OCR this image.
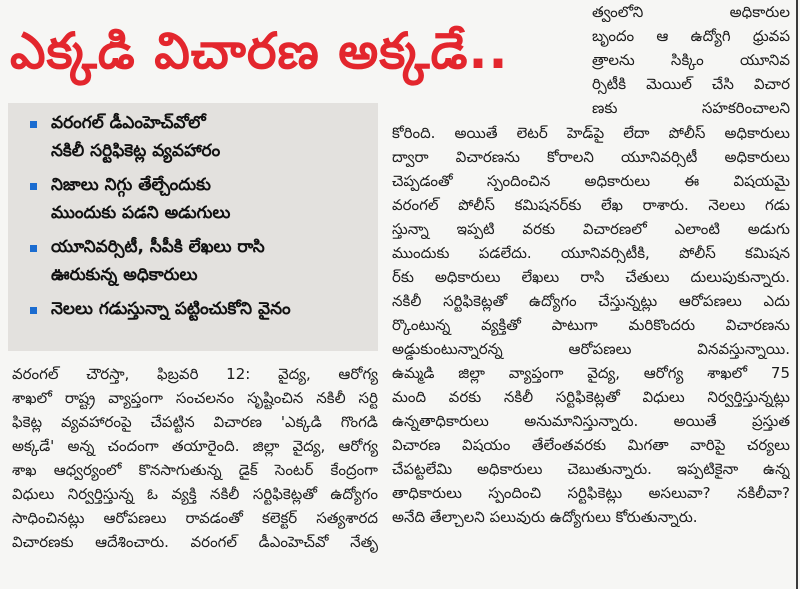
ఎక్కడి విచారణ అక్కడే..
వరంగల్ డీఎంహెచ్‌వోలో
నకిలీ సర్టిఫికెట్ల వ్యవహారం
నిజాలు నిగ్గు తేల్చేందుకు
ముందుకు పడని అడుగులు
యూనివర్సిటీ, సీపీకి లేఖలు రాసి
ఊరుకున్న అధికారులు
నెలలు గడుస్తున్నా పట్టించుకోని వైనం
వరంగల్ చౌరస్తా, ఫిబ్రవరి 12: వైద్య, ఆరోగ్య
శాఖలో రాష్ట్ర వ్యాప్తంగా సంచలనం సృష్టించిన నకిలీ సర్టి
ఫికెట్ల వ్యవహారంపై చేపట్టిన విచారణ 'ఎక్కడి గొంగడి
అక్కడే' అన్న చందంగా తయారైంది. జిల్లా వైద్య, ఆరోగ్య
శాఖ ఆధ్వర్యంలో కొనసాగుతున్న డైక్ సెంటర్ కేంద్రంగా
విధులు నిర్వర్తిస్తున్న ఓ వ్యక్తి నకిలీ సర్టిఫికెట్లతో ఉద్యోగం
సాధించినట్లు ఆరోపణలు రావడంతో కలెక్టర్ సత్యశారద
విచారణకు ఆదేశించారు. వరంగల్ డీఎంహెచ్‌వో నేతృ
త్వంలోని అధికారుల
బృందం ఆ ఉద్యోగి ధ్రువప
త్రాలను సిక్కిం యూనివ
ర్సిటీకి మెయిల్ చేసి విచార
ణకు సహకరించాలని
కోరింది. అయితే లెటర్ హెడ్‌పై లేదా పోలీస్ అధికారులు
ద్వారా విచారణను కోరాలని యూనివర్సిటీ అధికారులు
చెప్పడంతో స్పందించిన అధికారులు ఈ విషయమై
వరంగల్ పోలీస్ కమిషనర్‌కు లేఖ రాశారు. నెలలు గడు
స్తున్నా ఇప్పటి వరకు విచారణలో ఎలాంటి అడుగు
ముందుకు పడలేదు. యూనివర్సిటీకి, పోలీస్ కమిషన
ర్‌కు అధికారులు లేఖలు రాసి చేతులు దులుపుకున్నారు.
నకిలీ సర్టిఫికెట్లతో ఉద్యోగం చేస్తున్నట్లు ఆరోపణలు ఎదు
ర్కొంటున్న వ్యక్తితో పాటుగా మరికొందరు విచారణను
అడ్డుకుంటున్నారన్న ఆరోపణలు వినవస్తున్నాయి.
ఉమ్మడి జిల్లా వ్యాప్తంగా వైద్య, ఆరోగ్య శాఖలో 75
మంది వరకు నకిలీ సర్టిఫికెట్లతో విధులు నిర్వర్తిస్తున్నట్లు
ఉన్నతాధికారులు అనుమానిస్తున్నారు. అయితే ప్రస్తుత
విచారణ విషయం తేలేంతవరకు మిగతా వారిపై చర్యలు
చేపట్టలేమి అధికారులు చెబుతున్నారు. ఇప్పటికైనా ఉన్న
తాధికారులు స్పందించి సర్టిఫికెట్లు అసలువా? నకిలీవా?
అనేది తేల్చాలని పలువురు ఉద్యోగులు కోరుతున్నారు.
